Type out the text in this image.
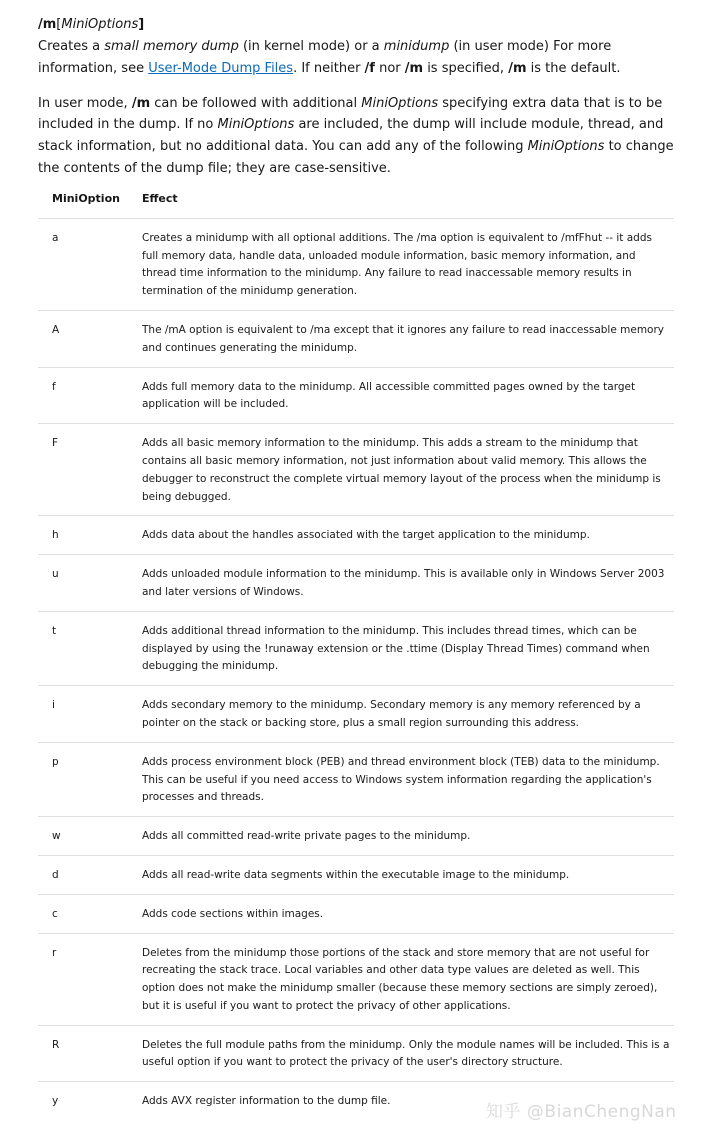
/m[MiniOptions]

Creates a small memory dump (in kernel mode) or a minidump (in user mode) For more information, see User-Mode Dump Files. If neither /f nor /m is specified, /m is the default.

In user mode, /m can be followed with additional MiniOptions specifying extra data that is to be included in the dump. If no MiniOptions are included, the dump will include module, thread, and stack information, but no additional data. You can add any of the following MiniOptions to change the contents of the dump file; they are case-sensitive.

MiniOption	Effect
a	Creates a minidump with all optional additions. The /ma option is equivalent to /mfFhut -- it adds full memory data, handle data, unloaded module information, basic memory information, and thread time information to the minidump. Any failure to read inaccessable memory results in termination of the minidump generation.
A	The /mA option is equivalent to /ma except that it ignores any failure to read inaccessable memory and continues generating the minidump.
f	Adds full memory data to the minidump. All accessible committed pages owned by the target application will be included.
F	Adds all basic memory information to the minidump. This adds a stream to the minidump that contains all basic memory information, not just information about valid memory. This allows the debugger to reconstruct the complete virtual memory layout of the process when the minidump is being debugged.
h	Adds data about the handles associated with the target application to the minidump.
u	Adds unloaded module information to the minidump. This is available only in Windows Server 2003 and later versions of Windows.
t	Adds additional thread information to the minidump. This includes thread times, which can be displayed by using the !runaway extension or the .ttime (Display Thread Times) command when debugging the minidump.
i	Adds secondary memory to the minidump. Secondary memory is any memory referenced by a pointer on the stack or backing store, plus a small region surrounding this address.
p	Adds process environment block (PEB) and thread environment block (TEB) data to the minidump. This can be useful if you need access to Windows system information regarding the application's processes and threads.
w	Adds all committed read-write private pages to the minidump.
d	Adds all read-write data segments within the executable image to the minidump.
c	Adds code sections within images.
r	Deletes from the minidump those portions of the stack and store memory that are not useful for recreating the stack trace. Local variables and other data type values are deleted as well. This option does not make the minidump smaller (because these memory sections are simply zeroed), but it is useful if you want to protect the privacy of other applications.
R	Deletes the full module paths from the minidump. Only the module names will be included. This is a useful option if you want to protect the privacy of the user's directory structure.
y	Adds AVX register information to the dump file.
知乎 @BianChengNan
